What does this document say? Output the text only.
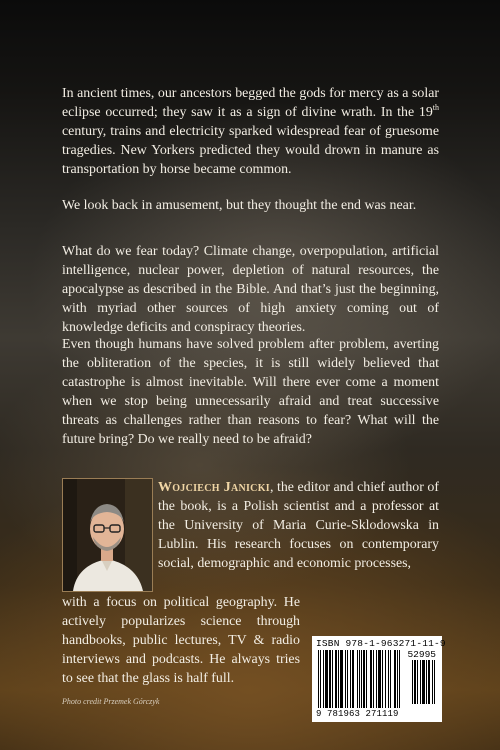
In ancient times, our ancestors begged the gods for mercy as a solar eclipse occurred; they saw it as a sign of divine wrath. In the 19th century, trains and electricity sparked widespread fear of gruesome tragedies. New Yorkers predicted they would drown in manure as transportation by horse became common.

We look back in amusement, but they thought the end was near.

What do we fear today? Climate change, overpopulation, artificial intelligence, nuclear power, depletion of natural resources, the apocalypse as described in the Bible. And that’s just the beginning, with myriad other sources of high anxiety coming out of knowledge deficits and conspiracy theories.

Even though humans have solved problem after problem, averting the obliteration of the species, it is still widely believed that catastrophe is almost inevitable. Will there ever come a moment when we stop being unnecessarily afraid and treat successive threats as challenges rather than reasons to fear? What will the future bring? Do we really need to be afraid?

Wojciech Janicki, the editor and chief author of the book, is a Polish scientist and a professor at the University of Maria Curie-Sklodowska in Lublin. His research focuses on contemporary social, demographic and economic processes,
Photo credit Przemek Górczyk
ISBN 978-1-963271-11-9
52995
9 781963 271119
with a focus on political geography. He actively popularizes science through handbooks, public lectures, TV & radio interviews and podcasts. He always tries to see that the glass is half full.
